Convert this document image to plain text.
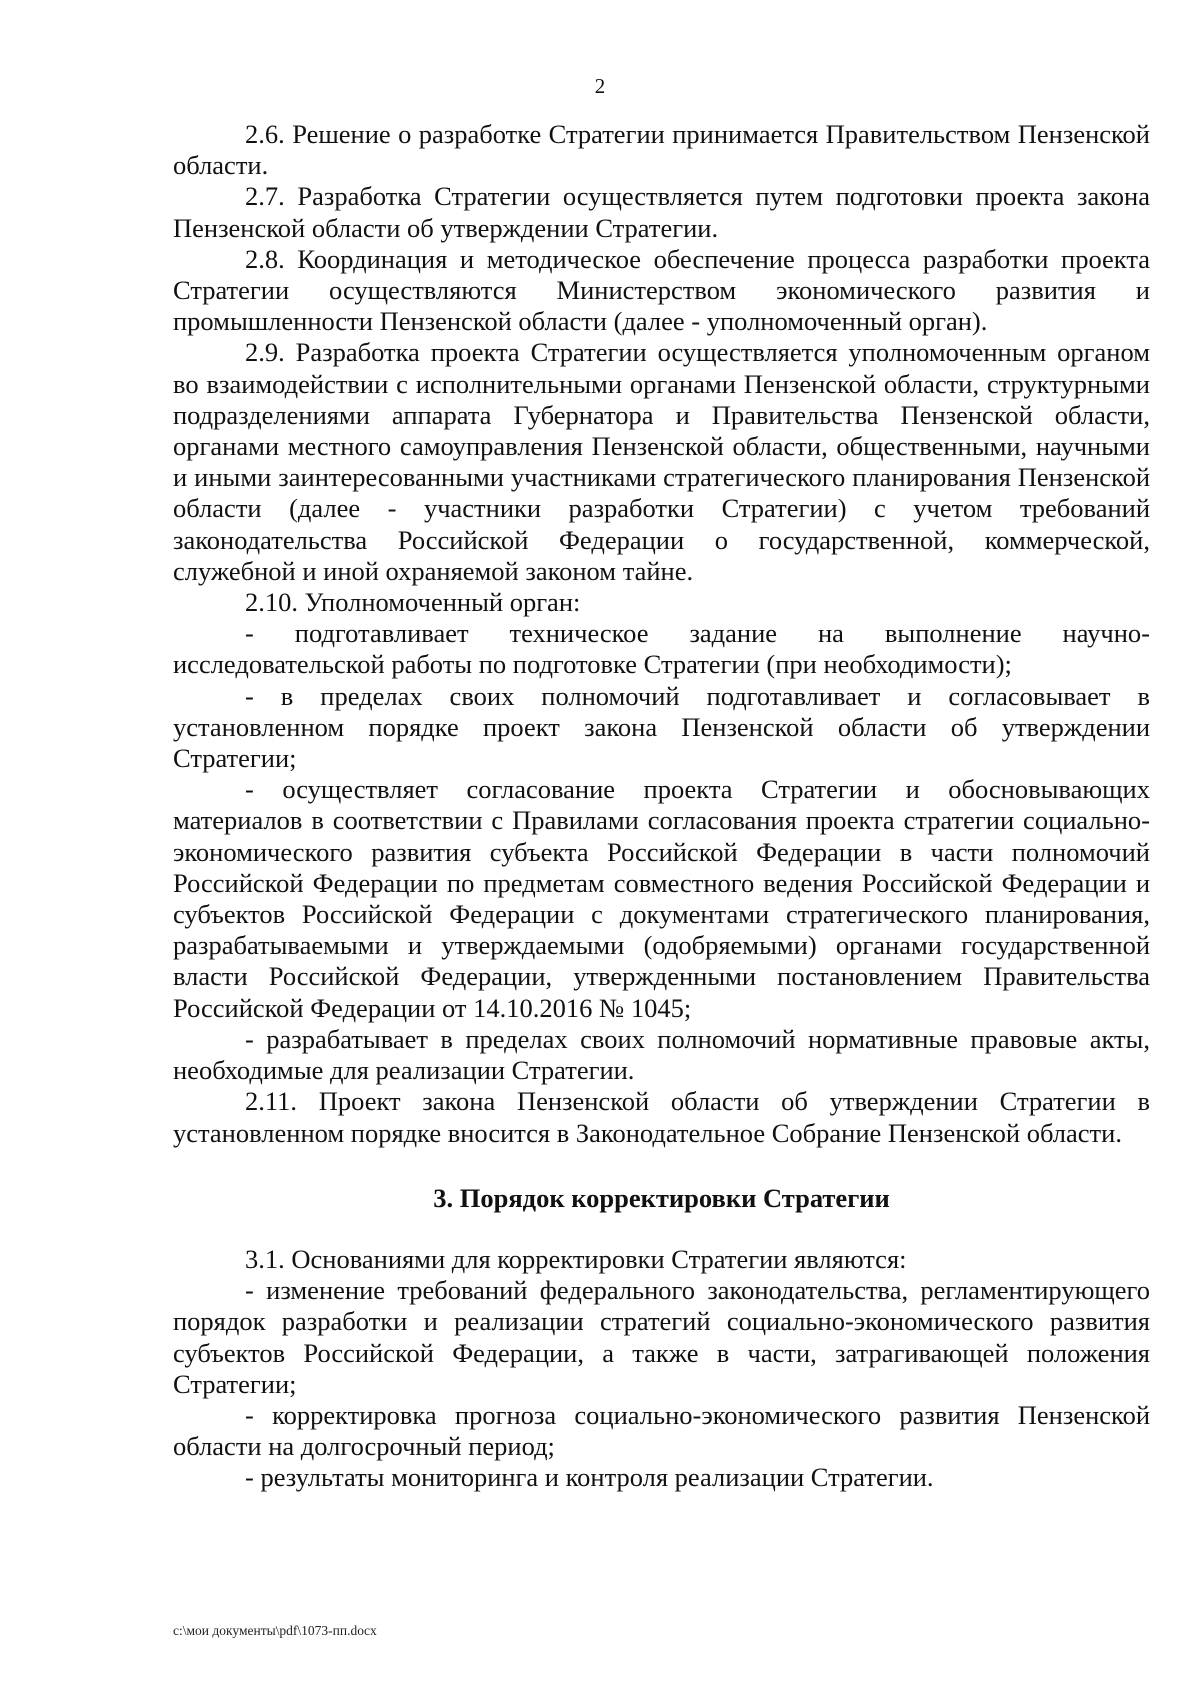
2

2.6. Решение о разработке Стратегии принимается Правительством Пензенской области.

2.7. Разработка Стратегии осуществляется путем подготовки проекта закона Пензенской области об утверждении Стратегии.

2.8. Координация и методическое обеспечение процесса разработки проекта Стратегии осуществляются Министерством экономического развития и промышленности Пензенской области (далее - уполномоченный орган).

2.9. Разработка проекта Стратегии осуществляется уполномоченным органом во взаимодействии с исполнительными органами Пензенской области, структурными подразделениями аппарата Губернатора и Правительства Пензенской области, органами местного самоуправления Пензенской области, общественными, научными и иными заинтересованными участниками стратегического планирования Пензенской области (далее - участники разработки Стратегии) с учетом требований законодательства Российской Федерации о государственной, коммерческой, служебной и иной охраняемой законом тайне.

2.10. Уполномоченный орган:

- подготавливает техническое задание на выполнение научно-исследовательской работы по подготовке Стратегии (при необходимости);

- в пределах своих полномочий подготавливает и согласовывает в установленном порядке проект закона Пензенской области об утверждении Стратегии;

- осуществляет согласование проекта Стратегии и обосновывающих материалов в соответствии с Правилами согласования проекта стратегии социально-экономического развития субъекта Российской Федерации в части полномочий Российской Федерации по предметам совместного ведения Российской Федерации и субъектов Российской Федерации с документами стратегического планирования, разрабатываемыми и утверждаемыми (одобряемыми) органами государственной власти Российской Федерации, утвержденными постановлением Правительства Российской Федерации от 14.10.2016 № 1045;

- разрабатывает в пределах своих полномочий нормативные правовые акты, необходимые для реализации Стратегии.

2.11. Проект закона Пензенской области об утверждении Стратегии в установленном порядке вносится в Законодательное Собрание Пензенской области.

3. Порядок корректировки Стратегии

3.1. Основаниями для корректировки Стратегии являются:

- изменение требований федерального законодательства, регламентирующего порядок разработки и реализации стратегий социально-экономического развития субъектов Российской Федерации, а также в части, затрагивающей положения Стратегии;

- корректировка прогноза социально-экономического развития Пензенской области на долгосрочный период;

- результаты мониторинга и контроля реализации Стратегии.

c:\мои документы\pdf\1073-пп.docx
